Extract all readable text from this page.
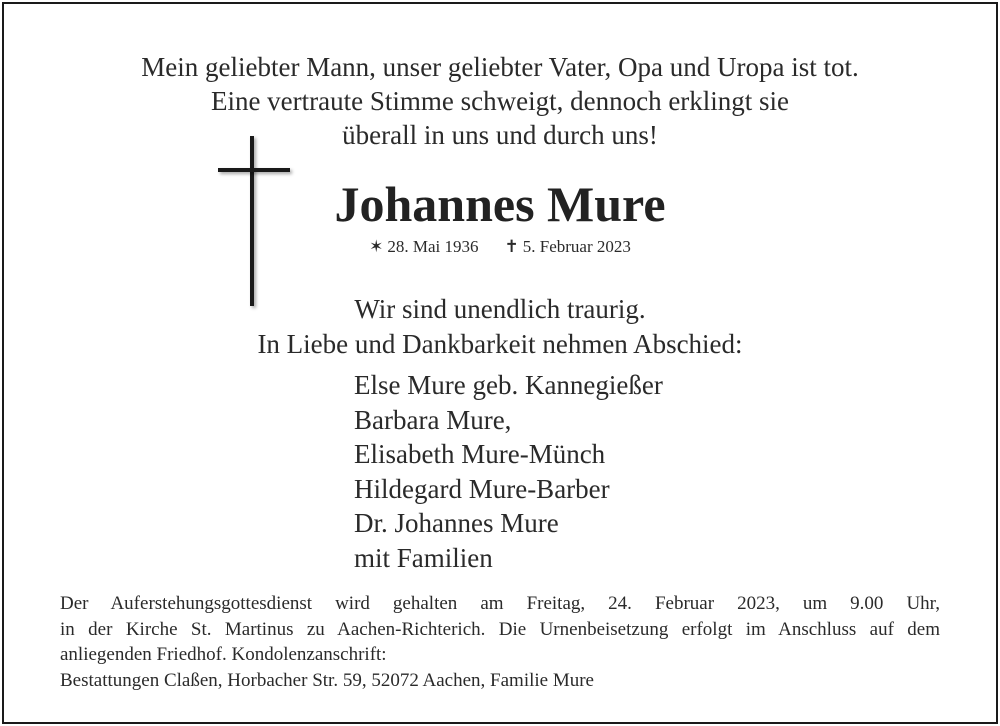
Mein geliebter Mann, unser geliebter Vater, Opa und Uropa ist tot.
Eine vertraute Stimme schweigt, dennoch erklingt sie
überall in uns und durch uns!
Johannes Mure
✶ 28. Mai 1936 ✝ 5. Februar 2023
Wir sind unendlich traurig.
In Liebe und Dankbarkeit nehmen Abschied:
Else Mure geb. Kannegießer
Barbara Mure,
Elisabeth Mure-Münch
Hildegard Mure-Barber
Dr. Johannes Mure
mit Familien
Der Auferstehungsgottesdienst wird gehalten am Freitag, 24. Februar 2023, um 9.00 Uhr,
in der Kirche St. Martinus zu Aachen-Richterich. Die Urnenbeisetzung erfolgt im Anschluss auf dem
anliegenden Friedhof. Kondolenzanschrift:
Bestattungen Claßen, Horbacher Str. 59, 52072 Aachen, Familie Mure
